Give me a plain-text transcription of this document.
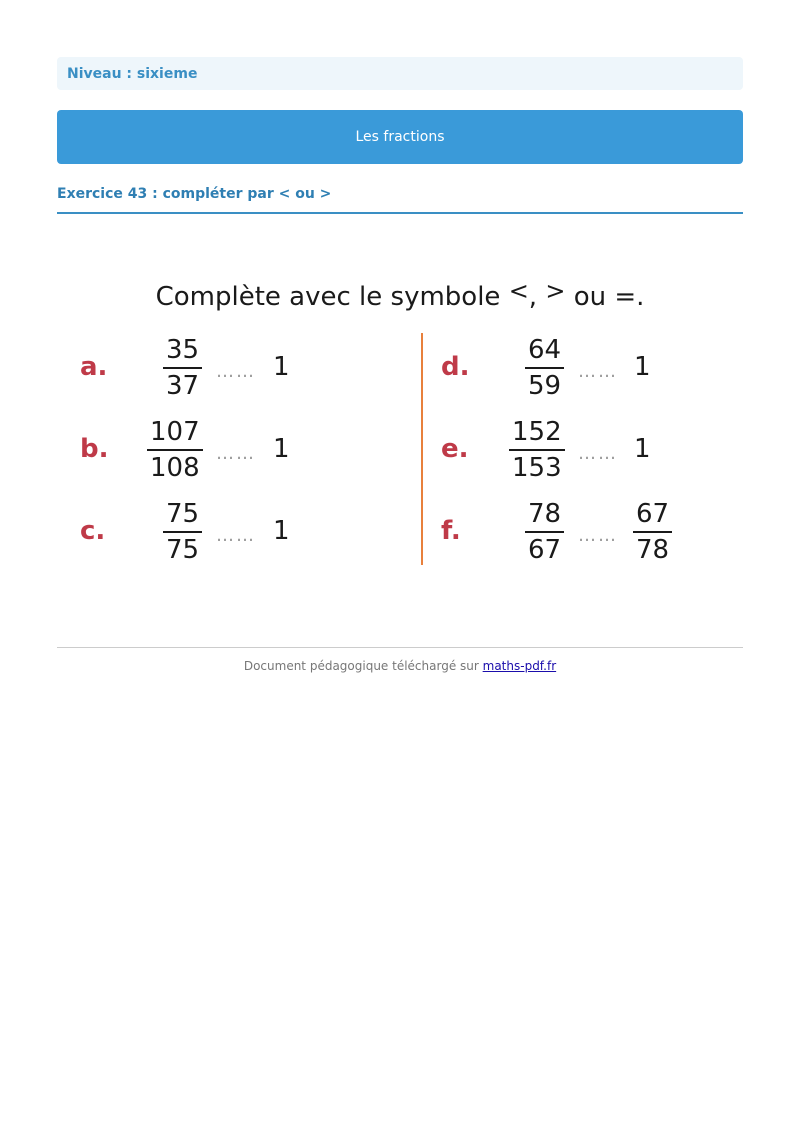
Niveau : sixieme
Les fractions
Exercice 43 : compléter par < ou >
Complète avec le symbole <, > ou =.
a.
35
37 …… 1
b.
107
108 …… 1
c.
75
75 …… 1
d.
64
59 …… 1
e.
152
153 …… 1
f.
78
67 ……
67
78
Document pédagogique téléchargé sur maths-pdf.fr
